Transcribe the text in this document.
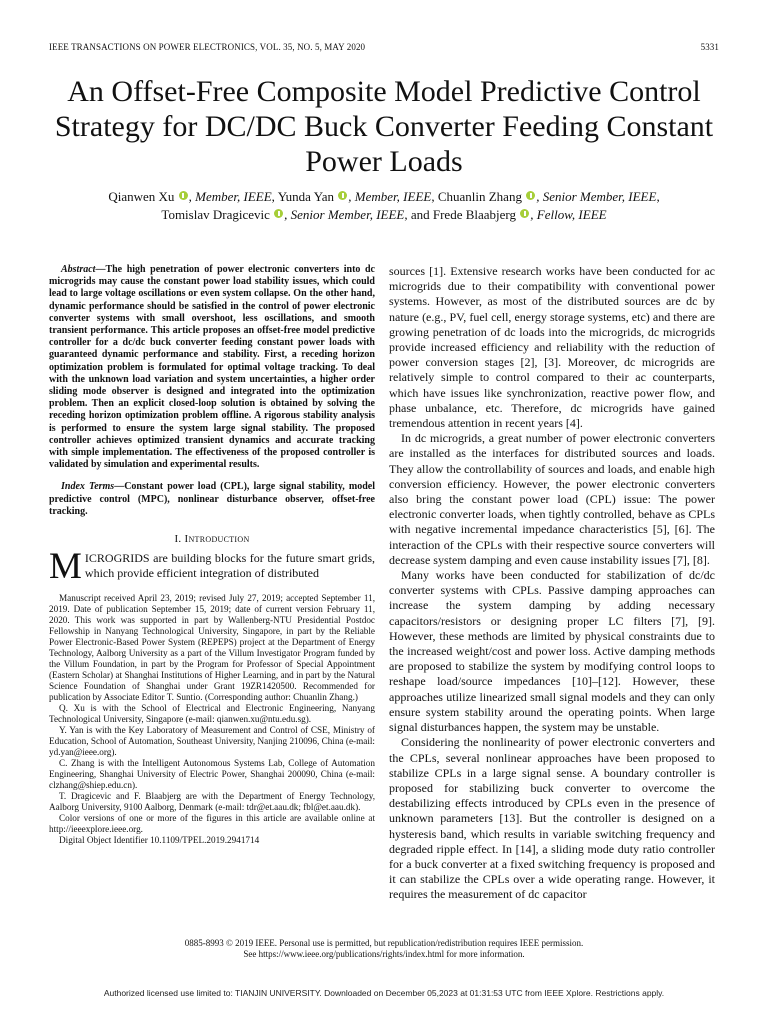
IEEE TRANSACTIONS ON POWER ELECTRONICS, VOL. 35, NO. 5, MAY 2020	5331
An Offset-Free Composite Model Predictive Control Strategy for DC/DC Buck Converter Feeding Constant Power Loads
Qianwen Xu , Member, IEEE, Yunda Yan , Member, IEEE, Chuanlin Zhang , Senior Member, IEEE,
Tomislav Dragicevic , Senior Member, IEEE, and Frede Blaabjerg , Fellow, IEEE

Abstract—The high penetration of power electronic converters into dc microgrids may cause the constant power load stability issues, which could lead to large voltage oscillations or even system collapse. On the other hand, dynamic performance should be satisfied in the control of power electronic converter systems with small overshoot, less oscillations, and smooth transient performance. This article proposes an offset-free model predictive controller for a dc/dc buck converter feeding constant power loads with guaranteed dynamic performance and stability. First, a receding horizon optimization problem is formulated for optimal voltage tracking. To deal with the unknown load variation and system uncertainties, a higher order sliding mode observer is designed and integrated into the optimization problem. Then an explicit closed-loop solution is obtained by solving the receding horizon optimization problem offline. A rigorous stability analysis is performed to ensure the system large signal stability. The proposed controller achieves optimized transient dynamics and accurate tracking with simple implementation. The effectiveness of the proposed controller is validated by simulation and experimental results.

Index Terms—Constant power load (CPL), large signal stability, model predictive control (MPC), nonlinear disturbance observer, offset-free tracking.

I. Introduction

MICROGRIDS are building blocks for the future smart grids, which provide efficient integration of distributed

Manuscript received April 23, 2019; revised July 27, 2019; accepted September 11, 2019. Date of publication September 15, 2019; date of current version February 11, 2020. This work was supported in part by Wallenberg-NTU Presidential Postdoc Fellowship in Nanyang Technological University, Singapore, in part by the Reliable Power Electronic-Based Power System (REPEPS) project at the Department of Energy Technology, Aalborg University as a part of the Villum Investigator Program funded by the Villum Foundation, in part by the Program for Professor of Special Appointment (Eastern Scholar) at Shanghai Institutions of Higher Learning, and in part by the Natural Science Foundation of Shanghai under Grant 19ZR1420500. Recommended for publication by Associate Editor T. Suntio. (Corresponding author: Chuanlin Zhang.)

Q. Xu is with the School of Electrical and Electronic Engineering, Nanyang Technological University, Singapore (e-mail: qianwen.xu@ntu.edu.sg).

Y. Yan is with the Key Laboratory of Measurement and Control of CSE, Ministry of Education, School of Automation, Southeast University, Nanjing 210096, China (e-mail: yd.yan@ieee.org).

C. Zhang is with the Intelligent Autonomous Systems Lab, College of Automation Engineering, Shanghai University of Electric Power, Shanghai 200090, China (e-mail: clzhang@shiep.edu.cn).

T. Dragicevic and F. Blaabjerg are with the Department of Energy Technology, Aalborg University, 9100 Aalborg, Denmark (e-mail: tdr@et.aau.dk; fbl@et.aau.dk).

Color versions of one or more of the figures in this article are available online at http://ieeexplore.ieee.org.

Digital Object Identifier 10.1109/TPEL.2019.2941714

sources [1]. Extensive research works have been conducted for ac microgrids due to their compatibility with conventional power systems. However, as most of the distributed sources are dc by nature (e.g., PV, fuel cell, energy storage systems, etc) and there are growing penetration of dc loads into the microgrids, dc microgrids provide increased efficiency and reliability with the reduction of power conversion stages [2], [3]. Moreover, dc microgrids are relatively simple to control compared to their ac counterparts, which have issues like synchronization, reactive power flow, and phase unbalance, etc. Therefore, dc microgrids have gained tremendous attention in recent years [4].

In dc microgrids, a great number of power electronic converters are installed as the interfaces for distributed sources and loads. They allow the controllability of sources and loads, and enable high conversion efficiency. However, the power electronic converters also bring the constant power load (CPL) issue: The power electronic converter loads, when tightly controlled, behave as CPLs with negative incremental impedance characteristics [5], [6]. The interaction of the CPLs with their respective source converters will decrease system damping and even cause instability issues [7], [8].

Many works have been conducted for stabilization of dc/dc converter systems with CPLs. Passive damping approaches can increase the system damping by adding necessary capacitors/resistors or designing proper LC filters [7], [9]. However, these methods are limited by physical constraints due to the increased weight/cost and power loss. Active damping methods are proposed to stabilize the system by modifying control loops to reshape load/source impedances [10]–[12]. However, these approaches utilize linearized small signal models and they can only ensure system stability around the operating points. When large signal disturbances happen, the system may be unstable.

Considering the nonlinearity of power electronic converters and the CPLs, several nonlinear approaches have been proposed to stabilize CPLs in a large signal sense. A boundary controller is proposed for stabilizing buck converter to overcome the destabilizing effects introduced by CPLs even in the presence of unknown parameters [13]. But the controller is designed on a hysteresis band, which results in variable switching frequency and degraded ripple effect. In [14], a sliding mode duty ratio controller for a buck converter at a fixed switching frequency is proposed and it can stabilize the CPLs over a wide operating range. However, it requires the measurement of dc capacitor

0885-8993 © 2019 IEEE. Personal use is permitted, but republication/redistribution requires IEEE permission.
See https://www.ieee.org/publications/rights/index.html for more information.
Authorized licensed use limited to: TIANJIN UNIVERSITY. Downloaded on December 05,2023 at 01:31:53 UTC from IEEE Xplore. Restrictions apply.
